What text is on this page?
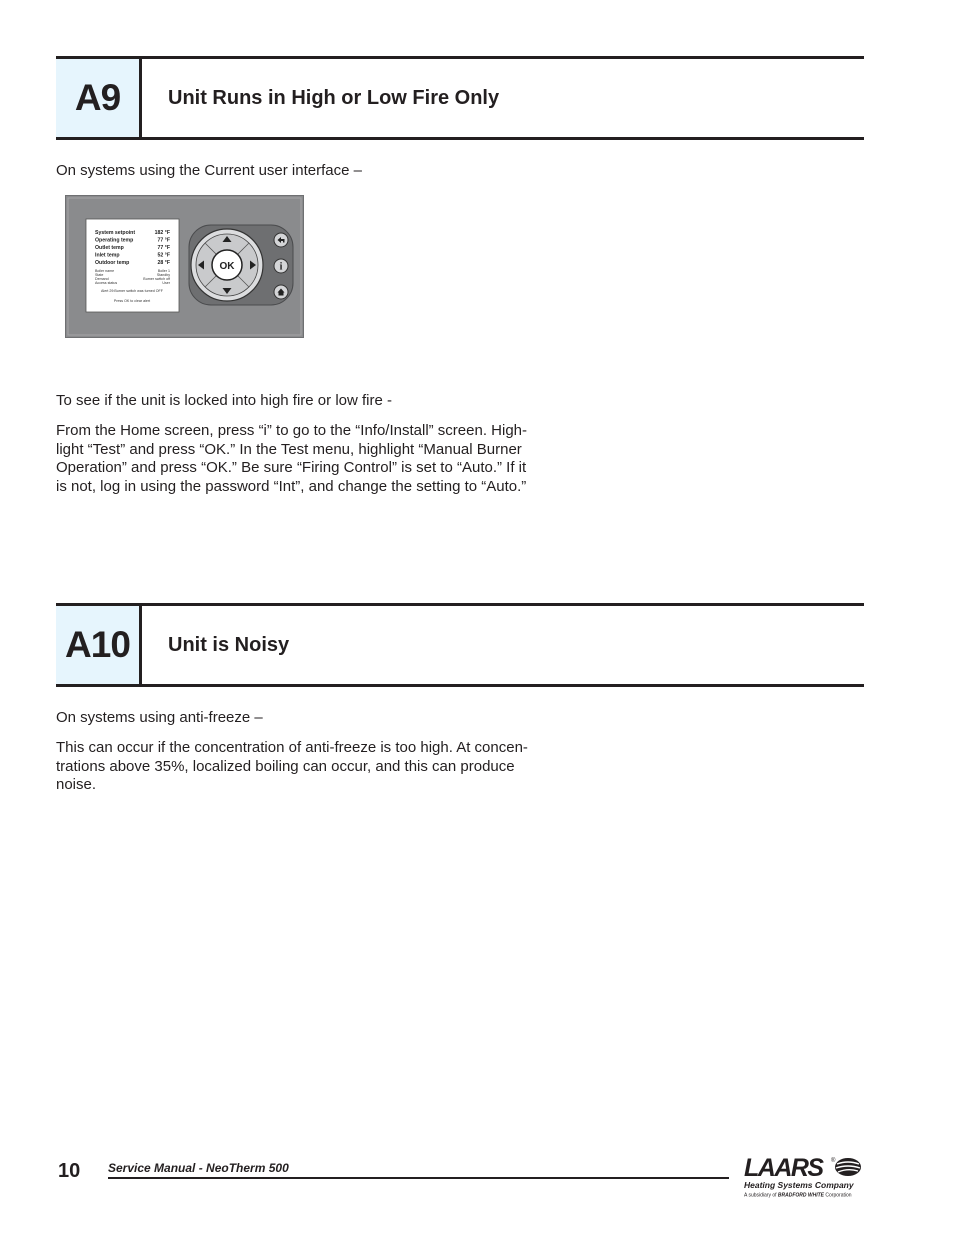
A9	Unit Runs in High or Low Fire Only

On systems using the Current user interface –

System setpoint	182 °F
Operating temp	77 °F
Outlet temp	77 °F
Inlet temp	52 °F
Outdoor temp	28 °F
Boiler name	Boiler 1
State	Standby
Demand	Burner switch off
Access status	User
Alert 29:Burner switch was turned OFF
Press OK to clear alert
OK	i

To see if the unit is locked into high fire or low fire -

From the Home screen, press “i” to go to the “Info/Install” screen. High-
light “Test” and press “OK.” In the Test menu, highlight “Manual Burner
Operation” and press “OK.” Be sure “Firing Control” is set to “Auto.” If it
is not, log in using the password “Int”, and change the setting to “Auto.”

A10	Unit is Noisy

On systems using anti-freeze –

This can occur if the concentration of anti-freeze is too high. At concen-
trations above 35%, localized boiling can occur, and this can produce
noise.

10 Service Manual - NeoTherm 500	LAARS	®
Heating Systems Company
A subsidiary of BRADFORD WHITE Corporation
